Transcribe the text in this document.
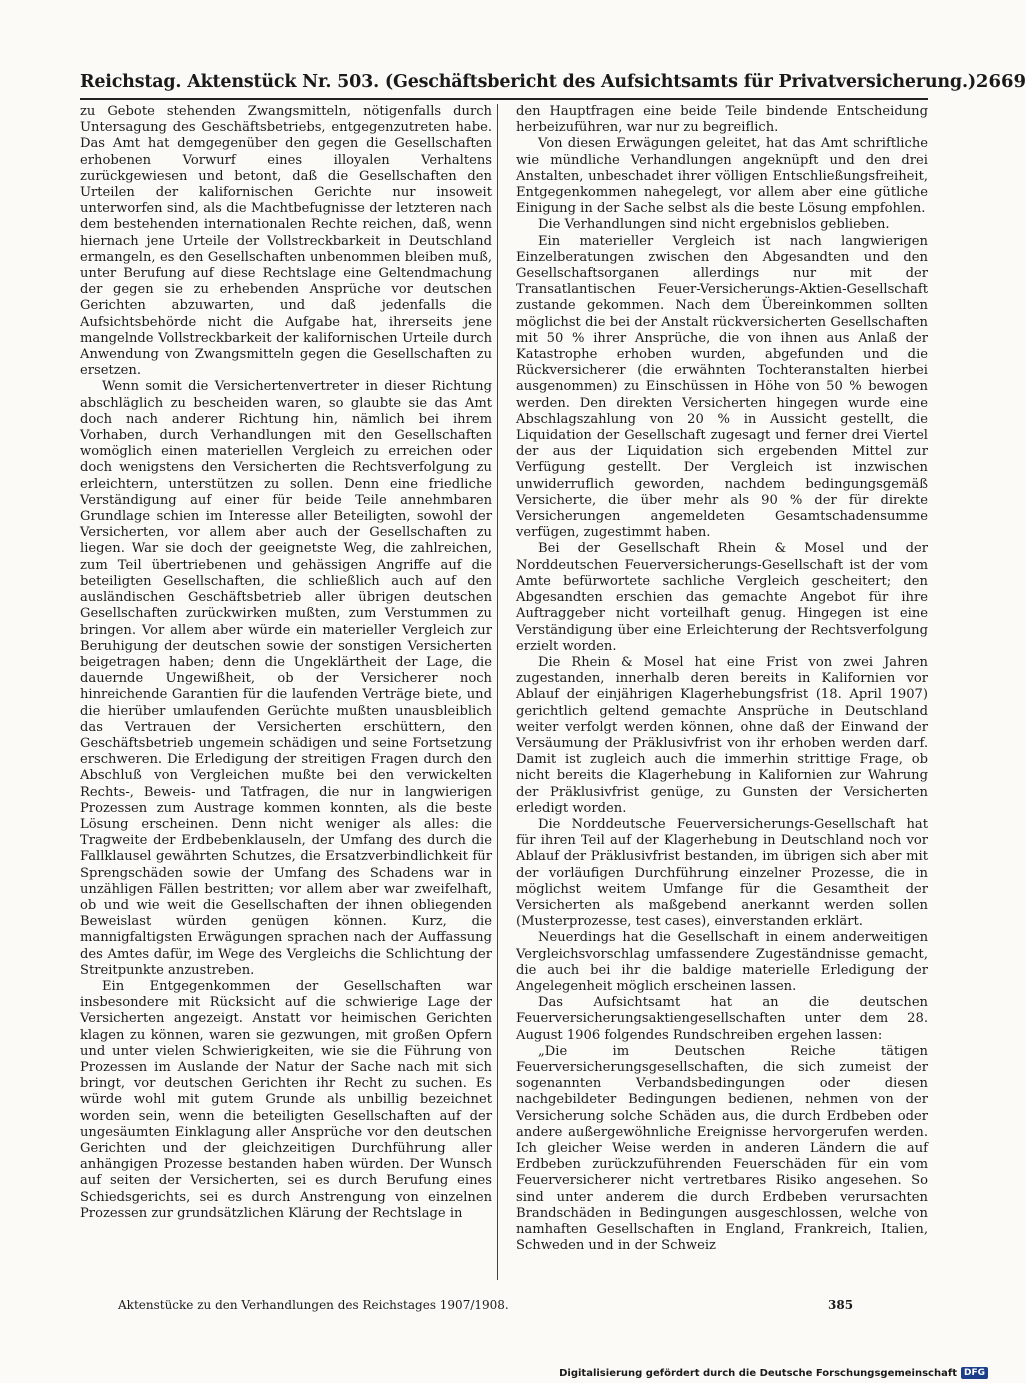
Reichstag. Aktenstück Nr. 503. (Geschäftsbericht des Aufsichtsamts für Privatversicherung.) 2669

zu Gebote stehenden Zwangsmitteln, nötigenfalls durch Untersagung des Geschäftsbetriebs, entgegenzutreten habe. Das Amt hat demgegenüber den gegen die Gesellschaften erhobenen Vorwurf eines illoyalen Verhaltens zurückgewiesen und betont, daß die Gesellschaften den Urteilen der kalifornischen Gerichte nur insoweit unterworfen sind, als die Machtbefugnisse der letzteren nach dem bestehenden internationalen Rechte reichen, daß, wenn hiernach jene Urteile der Vollstreckbarkeit in Deutschland ermangeln, es den Gesellschaften unbenommen bleiben muß, unter Berufung auf diese Rechtslage eine Geltendmachung der gegen sie zu erhebenden Ansprüche vor deutschen Gerichten abzuwarten, und daß jedenfalls die Aufsichtsbehörde nicht die Aufgabe hat, ihrerseits jene mangelnde Vollstreckbarkeit der kalifornischen Urteile durch Anwendung von Zwangsmitteln gegen die Gesellschaften zu ersetzen.

Wenn somit die Versichertenvertreter in dieser Richtung abschläglich zu bescheiden waren, so glaubte sie das Amt doch nach anderer Richtung hin, nämlich bei ihrem Vorhaben, durch Verhandlungen mit den Gesellschaften womöglich einen materiellen Vergleich zu erreichen oder doch wenigstens den Versicherten die Rechtsverfolgung zu erleichtern, unterstützen zu sollen. Denn eine friedliche Verständigung auf einer für beide Teile annehmbaren Grundlage schien im Interesse aller Beteiligten, sowohl der Versicherten, vor allem aber auch der Gesellschaften zu liegen. War sie doch der geeignetste Weg, die zahlreichen, zum Teil übertriebenen und gehässigen Angriffe auf die beteiligten Gesellschaften, die schließlich auch auf den ausländischen Geschäftsbetrieb aller übrigen deutschen Gesellschaften zurückwirken mußten, zum Verstummen zu bringen. Vor allem aber würde ein materieller Vergleich zur Beruhigung der deutschen sowie der sonstigen Versicherten beigetragen haben; denn die Ungeklärtheit der Lage, die dauernde Ungewißheit, ob der Versicherer noch hinreichende Garantien für die laufenden Verträge biete, und die hierüber umlaufenden Gerüchte mußten unausbleiblich das Vertrauen der Versicherten erschüttern, den Geschäftsbetrieb ungemein schädigen und seine Fortsetzung erschweren. Die Erledigung der streitigen Fragen durch den Abschluß von Vergleichen mußte bei den verwickelten Rechts-, Beweis- und Tatfragen, die nur in langwierigen Prozessen zum Austrage kommen konnten, als die beste Lösung erscheinen. Denn nicht weniger als alles: die Tragweite der Erdbebenklauseln, der Umfang des durch die Fallklausel gewährten Schutzes, die Ersatzverbindlichkeit für Sprengschäden sowie der Umfang des Schadens war in unzähligen Fällen bestritten; vor allem aber war zweifelhaft, ob und wie weit die Gesellschaften der ihnen obliegenden Beweislast würden genügen können. Kurz, die mannigfaltigsten Erwägungen sprachen nach der Auffassung des Amtes dafür, im Wege des Vergleichs die Schlichtung der Streitpunkte anzustreben.

Ein Entgegenkommen der Gesellschaften war insbesondere mit Rücksicht auf die schwierige Lage der Versicherten angezeigt. Anstatt vor heimischen Gerichten klagen zu können, waren sie gezwungen, mit großen Opfern und unter vielen Schwierigkeiten, wie sie die Führung von Prozessen im Auslande der Natur der Sache nach mit sich bringt, vor deutschen Gerichten ihr Recht zu suchen. Es würde wohl mit gutem Grunde als unbillig bezeichnet worden sein, wenn die beteiligten Gesellschaften auf der ungesäumten Einklagung aller Ansprüche vor den deutschen Gerichten und der gleichzeitigen Durchführung aller anhängigen Prozesse bestanden haben würden. Der Wunsch auf seiten der Versicherten, sei es durch Berufung eines Schiedsgerichts, sei es durch Anstrengung von einzelnen Prozessen zur grundsätzlichen Klärung der Rechtslage in

den Hauptfragen eine beide Teile bindende Entscheidung herbeizuführen, war nur zu begreiflich.

Von diesen Erwägungen geleitet, hat das Amt schriftliche wie mündliche Verhandlungen angeknüpft und den drei Anstalten, unbeschadet ihrer völligen Entschließungsfreiheit, Entgegenkommen nahegelegt, vor allem aber eine gütliche Einigung in der Sache selbst als die beste Lösung empfohlen.

Die Verhandlungen sind nicht ergebnislos geblieben.

Ein materieller Vergleich ist nach langwierigen Einzelberatungen zwischen den Abgesandten und den Gesellschaftsorganen allerdings nur mit der Transatlantischen Feuer-Versicherungs-Aktien-Gesellschaft zustande gekommen. Nach dem Übereinkommen sollten möglichst die bei der Anstalt rückversicherten Gesellschaften mit 50 % ihrer Ansprüche, die von ihnen aus Anlaß der Katastrophe erhoben wurden, abgefunden und die Rückversicherer (die erwähnten Tochteranstalten hierbei ausgenommen) zu Einschüssen in Höhe von 50 % bewogen werden. Den direkten Versicherten hingegen wurde eine Abschlagszahlung von 20 % in Aussicht gestellt, die Liquidation der Gesellschaft zugesagt und ferner drei Viertel der aus der Liquidation sich ergebenden Mittel zur Verfügung gestellt. Der Vergleich ist inzwischen unwiderruflich geworden, nachdem bedingungsgemäß Versicherte, die über mehr als 90 % der für direkte Versicherungen angemeldeten Gesamtschadensumme verfügen, zugestimmt haben.

Bei der Gesellschaft Rhein & Mosel und der Norddeutschen Feuerversicherungs-Gesellschaft ist der vom Amte befürwortete sachliche Vergleich gescheitert; den Abgesandten erschien das gemachte Angebot für ihre Auftraggeber nicht vorteilhaft genug. Hingegen ist eine Verständigung über eine Erleichterung der Rechtsverfolgung erzielt worden.

Die Rhein & Mosel hat eine Frist von zwei Jahren zugestanden, innerhalb deren bereits in Kalifornien vor Ablauf der einjährigen Klagerhebungsfrist (18. April 1907) gerichtlich geltend gemachte Ansprüche in Deutschland weiter verfolgt werden können, ohne daß der Einwand der Versäumung der Präklusivfrist von ihr erhoben werden darf. Damit ist zugleich auch die immerhin strittige Frage, ob nicht bereits die Klagerhebung in Kalifornien zur Wahrung der Präklusivfrist genüge, zu Gunsten der Versicherten erledigt worden.

Die Norddeutsche Feuerversicherungs-Gesellschaft hat für ihren Teil auf der Klagerhebung in Deutschland noch vor Ablauf der Präklusivfrist bestanden, im übrigen sich aber mit der vorläufigen Durchführung einzelner Prozesse, die in möglichst weitem Umfange für die Gesamtheit der Versicherten als maßgebend anerkannt werden sollen (Musterprozesse, test cases), einverstanden erklärt.

Neuerdings hat die Gesellschaft in einem anderweitigen Vergleichsvorschlag umfassendere Zugeständnisse gemacht, die auch bei ihr die baldige materielle Erledigung der Angelegenheit möglich erscheinen lassen.

Das Aufsichtsamt hat an die deutschen Feuerversicherungsaktiengesellschaften unter dem 28. August 1906 folgendes Rundschreiben ergehen lassen:

„Die im Deutschen Reiche tätigen Feuerversicherungsgesellschaften, die sich zumeist der sogenannten Verbandsbedingungen oder diesen nachgebildeter Bedingungen bedienen, nehmen von der Versicherung solche Schäden aus, die durch Erdbeben oder andere außergewöhnliche Ereignisse hervorgerufen werden. Ich gleicher Weise werden in anderen Ländern die auf Erdbeben zurückzuführenden Feuerschäden für ein vom Feuerversicherer nicht vertretbares Risiko angesehen. So sind unter anderem die durch Erdbeben verursachten Brandschäden in Bedingungen ausgeschlossen, welche von namhaften Gesellschaften in England, Frankreich, Italien, Schweden und in der Schweiz

Aktenstücke zu den Verhandlungen des Reichstages 1907/1908.	385
Digitalisierung gefördert durch die Deutsche Forschungsgemeinschaft DFG
